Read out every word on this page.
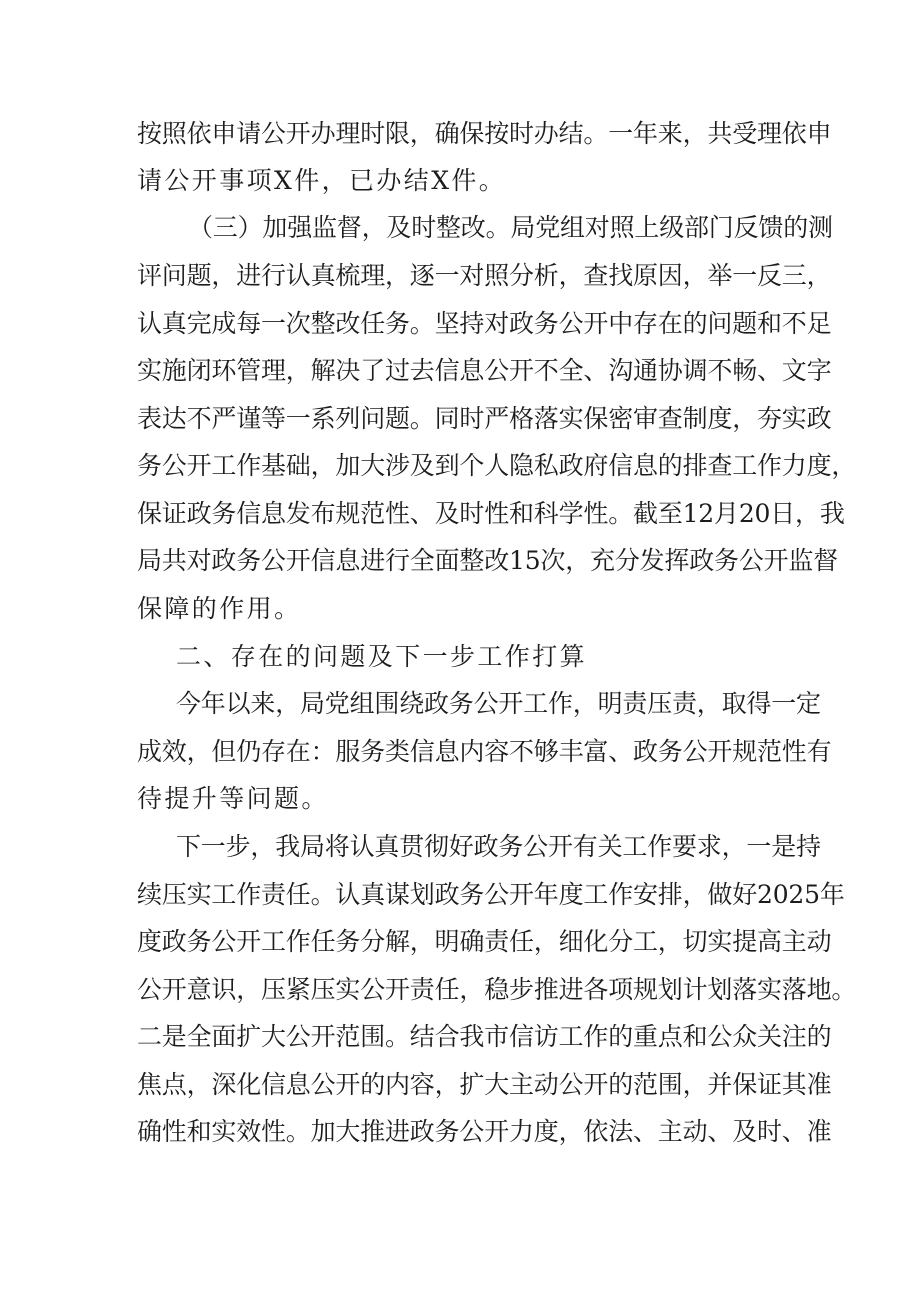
按照依申请公开办理时限，确保按时办结。一年来，共受理依申
请公开事项X件，已办结X件。
（三）加强监督，及时整改。局党组对照上级部门反馈的测
评问题，进行认真梳理，逐一对照分析，查找原因，举一反三，
认真完成每一次整改任务。坚持对政务公开中存在的问题和不足
实施闭环管理，解决了过去信息公开不全、沟通协调不畅、文字
表达不严谨等一系列问题。同时严格落实保密审查制度，夯实政
务公开工作基础，加大涉及到个人隐私政府信息的排查工作力度，
保证政务信息发布规范性、及时性和科学性。截至12月20日，我
局共对政务公开信息进行全面整改15次，充分发挥政务公开监督
保障的作用。
二、存在的问题及下一步工作打算
今年以来，局党组围绕政务公开工作，明责压责，取得一定
成效，但仍存在：服务类信息内容不够丰富、政务公开规范性有
待提升等问题。
下一步，我局将认真贯彻好政务公开有关工作要求，一是持
续压实工作责任。认真谋划政务公开年度工作安排，做好2025年
度政务公开工作任务分解，明确责任，细化分工，切实提高主动
公开意识，压紧压实公开责任，稳步推进各项规划计划落实落地。
二是全面扩大公开范围。结合我市信访工作的重点和公众关注的
焦点，深化信息公开的内容，扩大主动公开的范围，并保证其准
确性和实效性。加大推进政务公开力度，依法、主动、及时、准
